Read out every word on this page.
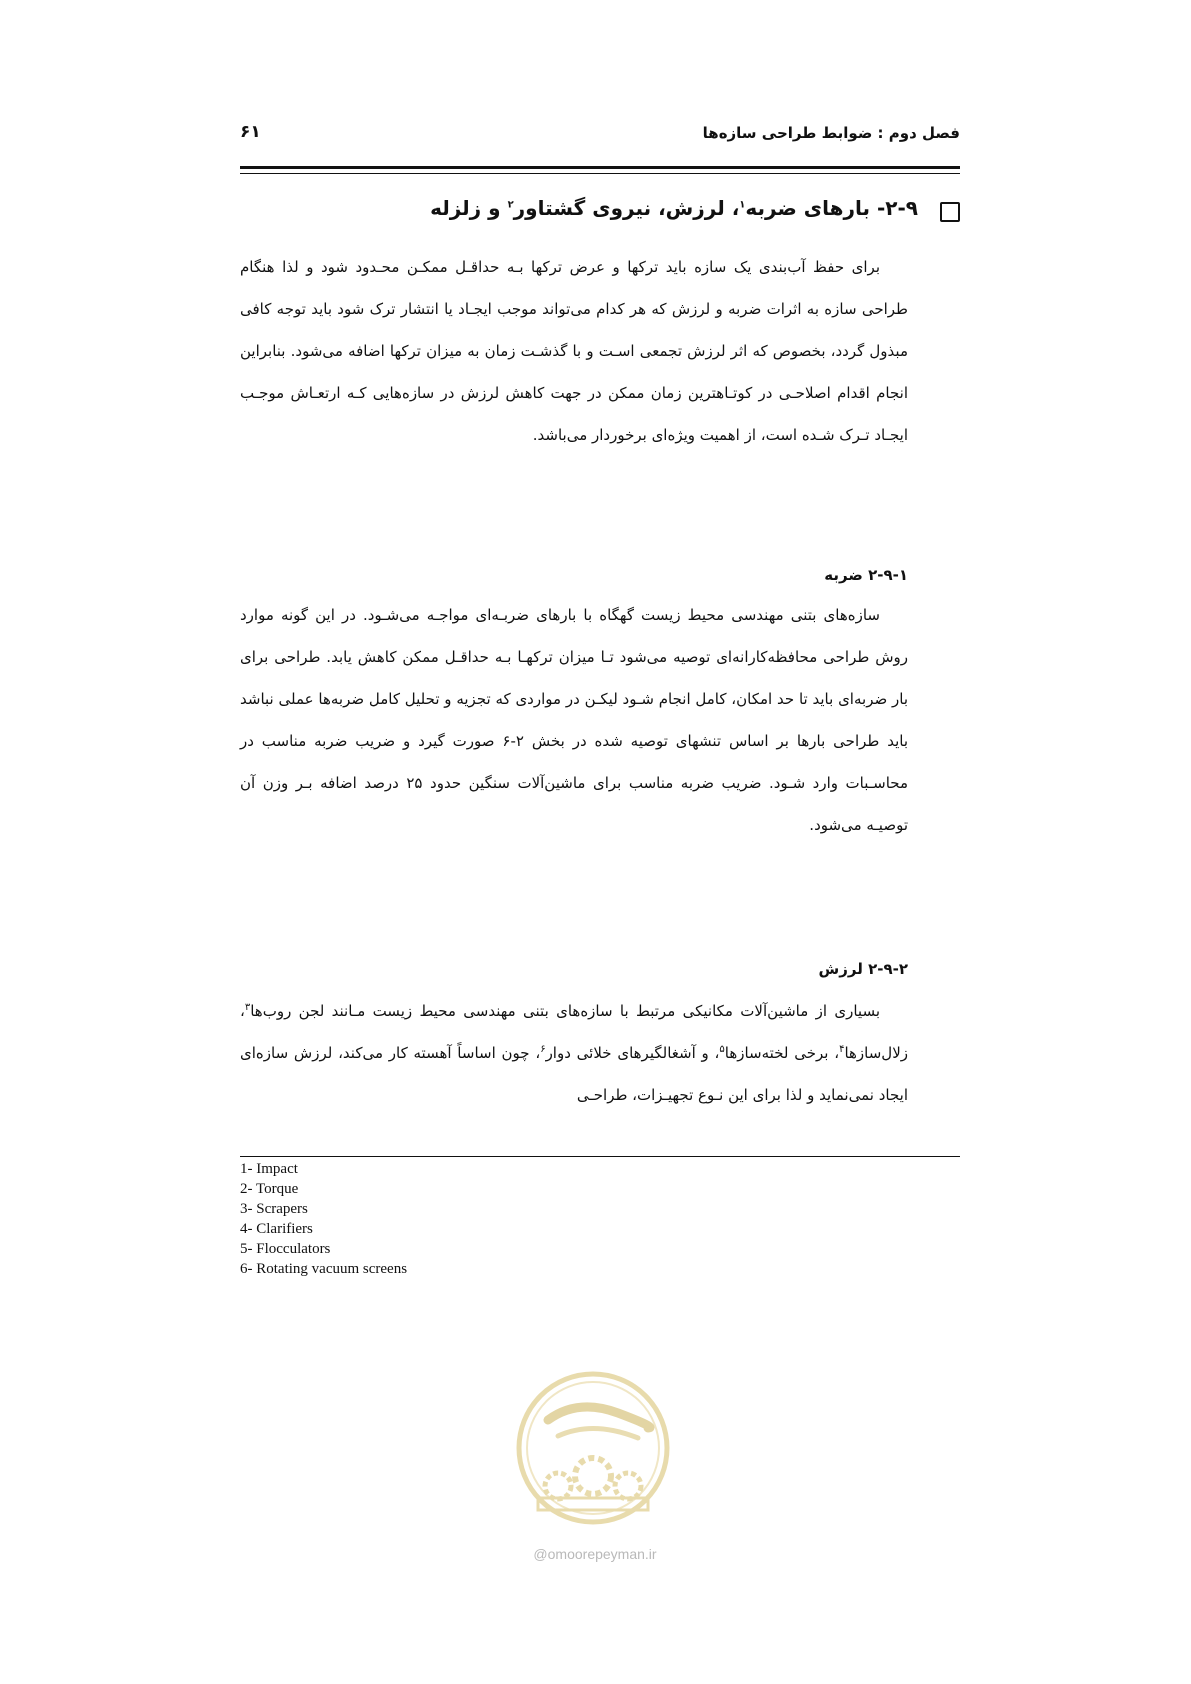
فصل دوم : ضوابط طراحی سازه‌ها
۶۱
۲-۹- بارهای ضربه$^۱$، لرزش، نیروی گشتاور$^۲$ و زلزله
برای حفظ آب‌بندی یک سازه باید ترکها و عرض ترکها بـه حداقـل ممکـن محـدود شود و لذا هنگام طراحی سازه به اثرات ضربه و لرزش که هر کدام می‌تواند موجب ایجـاد یا انتشار ترک شود باید توجه کافی مبذول گردد، بخصوص که اثر لرزش تجمعی اسـت و با گذشـت زمان به میزان ترکها اضافه می‌شود. بنابراین انجام اقدام اصلاحـی در کوتـاهترین زمان ممکن در جهت کاهش لرزش در سازه‌هایی کـه ارتعـاش موجـب ایجـاد تـرک شـده است، از اهمیت ویژه‌ای برخوردار می‌باشد.
۲-۹-۱ ضربه
سازه‌های بتنی مهندسی محیط زیست گهگاه با بارهای ضربـه‌ای مواجـه می‌شـود. در این گونه موارد روش طراحی محافظه‌کارانه‌ای توصیه می‌شود تـا میزان ترکهـا بـه حداقـل ممکن کاهش یابد. طراحی برای بار ضربه‌ای باید تا حد امکان، کامل انجام شـود لیکـن در مواردی که تجزیه و تحلیل کامل ضربه‌ها عملی نباشد باید طراحی بارها بر اساس تنشهای توصیه شده در بخش ۲-۶ صورت گیرد و ضریب ضربه مناسب در محاسـبات وارد شـود. ضریب ضربه مناسب برای ماشین‌آلات سنگین حدود ۲۵ درصد اضافه بـر وزن آن توصیـه می‌شود.
۲-۹-۲ لرزش
بسیاری از ماشین‌آلات مکانیکی مرتبط با سازه‌های بتنی مهندسی محیط زیست مـانند لجن روب‌ها$^۳$، زلال‌سازها$^۴$، برخی لخته‌سازها$^۵$، و آشغالگیرهای خلائی دوار$^۶$، چون اساساً آهسته کار می‌کند، لرزش سازه‌ای ایجاد نمی‌نماید و لذا برای این نـوع تجهیـزات، طراحـی
1- Impact
2- Torque
3- Scrapers
4- Clarifiers
5- Flocculators
6- Rotating vacuum screens
@omoorepeyman.ir
